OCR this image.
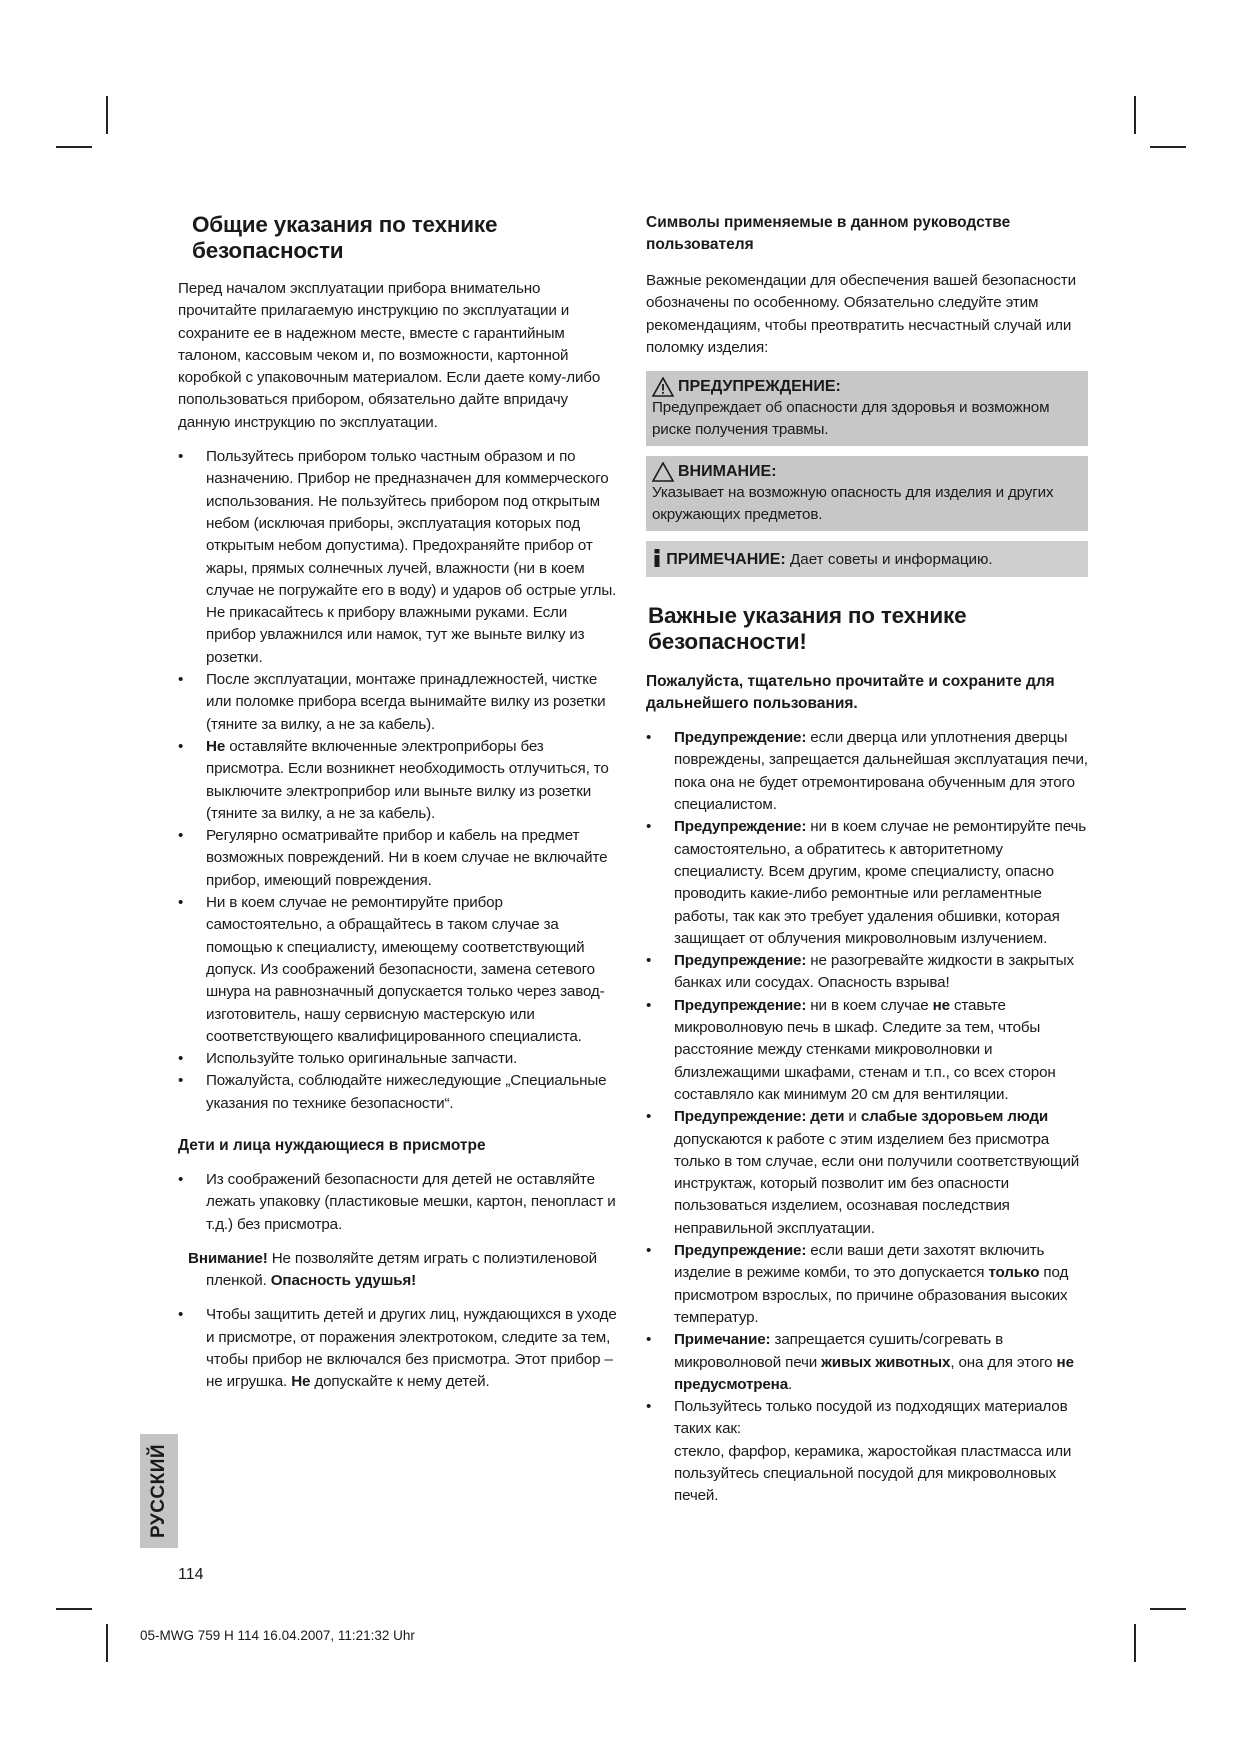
Общие указания по технике безопасности

Перед началом эксплуатации прибора внимательно прочитайте прилагаемую инструкцию по эксплуатации и сохраните ее в надежном месте, вместе с гарантийным талоном, кассовым чеком и, по возможности, картонной коробкой с упаковочным материалом. Если даете кому-либо попользоваться прибором, обязательно дайте впридачу данную инструкцию по эксплуатации.

• Пользуйтесь прибором только частным образом и по назначению. Прибор не предназначен для коммерческого использования. Не пользуйтесь прибором под открытым небом (исключая приборы, эксплуатация которых под открытым небом допустима). Предохраняйте прибор от жары, прямых солнечных лучей, влажности (ни в коем случае не погружайте его в воду) и ударов об острые углы. Не прикасайтесь к прибору влажными руками. Если прибор увлажнился или намок, тут же выньте вилку из розетки.
• После эксплуатации, монтаже принадлежностей, чистке или поломке прибора всегда вынимайте вилку из розетки (тяните за вилку, а не за кабель).
• Не оставляйте включенные электроприборы без присмотра. Если возникнет необходимость отлучиться, то выключите электроприбор или выньте вилку из розетки (тяните за вилку, а не за кабель).
• Регулярно осматривайте прибор и кабель на предмет возможных повреждений. Ни в коем случае не включайте прибор, имеющий повреждения.
• Ни в коем случае не ремонтируйте прибор самостоятельно, а обращайтесь в таком случае за помощью к специалисту, имеющему соответствующий допуск. Из соображений безопасности, замена сетевого шнура на равнозначный допускается только через завод-изготовитель, нашу сервисную мастерскую или соответствующего квалифицированного специалиста.
• Используйте только оригинальные запчасти.
• Пожалуйста, соблюдайте нижеследующие „Специальные указания по технике безопасности“.
Дети и лица нуждающиеся в присмотре
• Из соображений безопасности для детей не оставляйте лежать упаковку (пластиковые мешки, картон, пенопласт и т.д.) без присмотра.

Внимание! Не позволяйте детям играть с полиэтиленовой пленкой. Опасность удушья!

• Чтобы защитить детей и других лиц, нуждающихся в уходе и присмотре, от поражения электротоком, следите за тем, чтобы прибор не включался без присмотра. Этот прибор – не игрушка. Не допускайте к нему детей.
Символы применяемые в данном руководстве пользователя

Важные рекомендации для обеспечения вашей безопасности обозначены по особенному. Обязательно следуйте этим рекомендациям, чтобы преотвратить несчастный случай или поломку изделия:

ПРЕДУПРЕЖДЕНИЕ:
Предупреждает об опасности для здоровья и возможном риске получения травмы.
ВНИМАНИЕ:
Указывает на возможную опасность для изделия и других окружающих предметов.
ПРИМЕЧАНИЕ: Дает советы и информацию.
Важные указания по технике безопасности!
Пожалуйста, тщательно прочитайте и сохраните для дальнейшего пользования.
• Предупреждение: если дверца или уплотнения дверцы повреждены, запрещается дальнейшая эксплуатация печи, пока она не будет отремонтирована обученным для этого специалистом.
• Предупреждение: ни в коем случае не ремонтируйте печь самостоятельно, а обратитесь к авторитетному специалисту. Всем другим, кроме специалисту, опасно проводить какие-либо ремонтные или регламентные работы, так как это требует удаления обшивки, которая защищает от облучения микроволновым излучением.
• Предупреждение: не разогревайте жидкости в закрытых банках или сосудах. Опасность взрыва!
• Предупреждение: ни в коем случае не ставьте микроволновую печь в шкаф. Следите за тем, чтобы расстояние между стенками микроволновки и близлежащими шкафами, стенам и т.п., со всех сторон составляло как минимум 20 см для вентиляции.
• Предупреждение: дети и слабые здоровьем люди допускаются к работе с этим изделием без присмотра только в том случае, если они получили соответствующий инструктаж, который позволит им без опасности пользоваться изделием, осознавая последствия неправильной эксплуатации.
• Предупреждение: если ваши дети захотят включить изделие в режиме комби, то это допускается только под присмотром взрослых, по причине образования высоких температур.
• Примечание: запрещается сушить/согревать в микроволновой печи живых животных, она для этого не предусмотрена.
• Пользуйтесь только посудой из подходящих материалов таких как:
стекло, фарфор, керамика, жаростойкая пластмасса или пользуйтесь специальной посудой для микроволновых печей.
РУССКИЙ
114
05-MWG 759 H 114 16.04.2007, 11:21:32 Uhr
